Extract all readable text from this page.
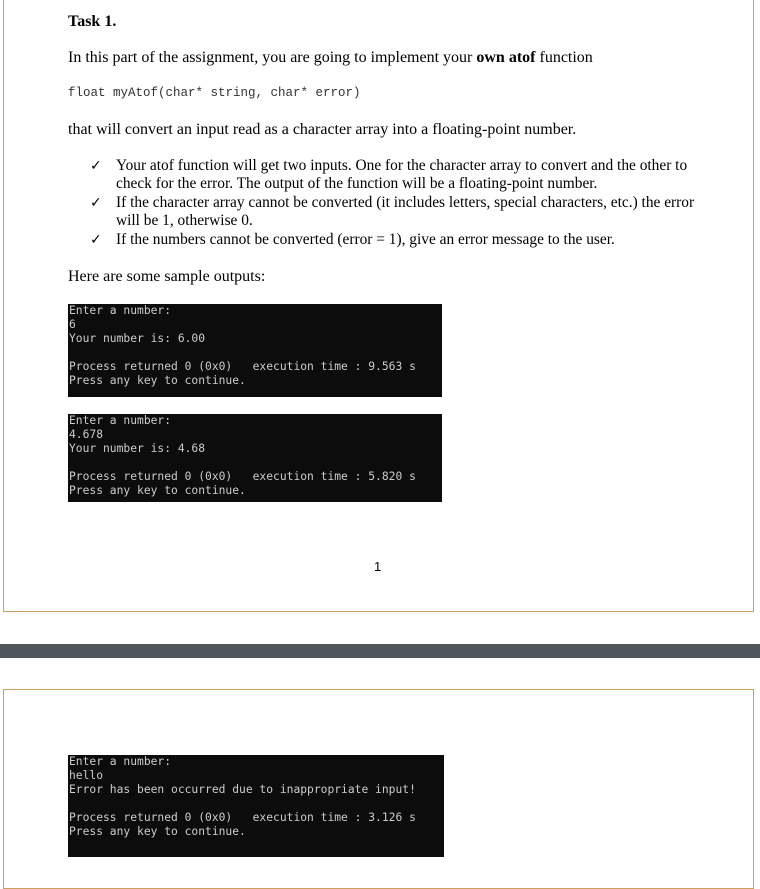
Task 1.
In this part of the assignment, you are going to implement your own atof function
float myAtof(char* string, char* error)
that will convert an input read as a character array into a floating-point number.
✓ Your atof function will get two inputs. One for the character array to convert and the other to check for the error. The output of the function will be a floating-point number.
✓ If the character array cannot be converted (it includes letters, special characters, etc.) the error will be 1, otherwise 0.
✓ If the numbers cannot be converted (error = 1), give an error message to the user.
Here are some sample outputs:
Enter a number:
6
Your number is: 6.00
Process returned 0 (0x0)   execution time : 9.563 s
Press any key to continue.
Enter a number:
4.678
Your number is: 4.68
Process returned 0 (0x0)   execution time : 5.820 s
Press any key to continue.
1
Enter a number:
hello
Error has been occurred due to inappropriate input!
Process returned 0 (0x0)   execution time : 3.126 s
Press any key to continue.
